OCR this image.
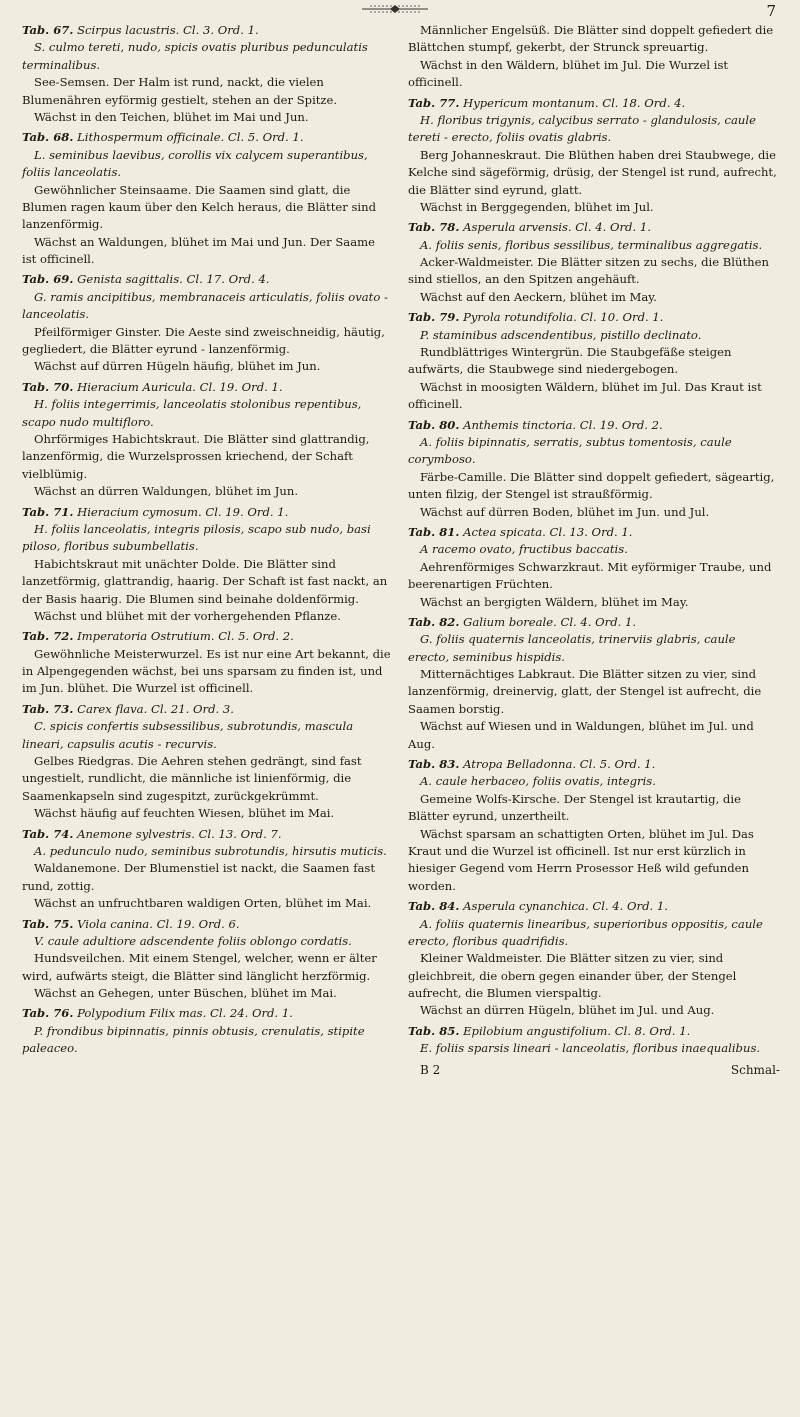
7

Tab. 67. Scirpus lacustris. Cl. 3. Ord. 1.

S. culmo tereti, nudo, spicis ovatis pluribus pedunculatis terminalibus.

See-Semsen. Der Halm ist rund, nackt, die vielen Blumenähren eyförmig gestielt, stehen an der Spitze.

Wächst in den Teichen, blühet im Mai und Jun.

Tab. 68. Lithospermum officinale. Cl. 5. Ord. 1.

L. seminibus laevibus, corollis vix calycem superantibus, foliis lanceolatis.

Gewöhnlicher Steinsaame. Die Saamen sind glatt, die Blumen ragen kaum über den Kelch heraus, die Blätter sind lanzenförmig.

Wächst an Waldungen, blühet im Mai und Jun. Der Saame ist officinell.

Tab. 69. Genista sagittalis. Cl. 17. Ord. 4.

G. ramis ancipitibus, membranaceis articulatis, foliis ovato - lanceolatis.

Pfeilförmiger Ginster. Die Aeste sind zweischneidig, häutig, gegliedert, die Blätter eyrund - lanzenförmig.

Wächst auf dürren Hügeln häufig, blühet im Jun.

Tab. 70. Hieracium Auricula. Cl. 19. Ord. 1.

H. foliis integerrimis, lanceolatis stolonibus repentibus, scapo nudo multifloro.

Ohrförmiges Habichtskraut. Die Blätter sind glattrandig, lanzenförmig, die Wurzelsprossen kriechend, der Schaft vielblümig.

Wächst an dürren Waldungen, blühet im Jun.

Tab. 71. Hieracium cymosum. Cl. 19. Ord. 1.

H. foliis lanceolatis, integris pilosis, scapo sub nudo, basi piloso, floribus subumbellatis.

Habichtskraut mit unächter Dolde. Die Blätter sind lanzetförmig, glattrandig, haarig. Der Schaft ist fast nackt, an der Basis haarig. Die Blumen sind beinahe doldenförmig.

Wächst und blühet mit der vorhergehenden Pflanze.

Tab. 72. Imperatoria Ostrutium. Cl. 5. Ord. 2.

Gewöhnliche Meisterwurzel. Es ist nur eine Art bekannt, die in Alpengegenden wächst, bei uns sparsam zu finden ist, und im Jun. blühet. Die Wurzel ist officinell.

Tab. 73. Carex flava. Cl. 21. Ord. 3.

C. spicis confertis subsessilibus, subrotundis, mascula lineari, capsulis acutis - recurvis.

Gelbes Riedgras. Die Aehren stehen gedrängt, sind fast ungestielt, rundlicht, die männliche ist linienförmig, die Saamenkapseln sind zugespitzt, zurückgekrümmt.

Wächst häufig auf feuchten Wiesen, blühet im Mai.

Tab. 74. Anemone sylvestris. Cl. 13. Ord. 7.

A. pedunculo nudo, seminibus subrotundis, hirsutis muticis.

Waldanemone. Der Blumenstiel ist nackt, die Saamen fast rund, zottig.

Wächst an unfruchtbaren waldigen Orten, blühet im Mai.

Tab. 75. Viola canina. Cl. 19. Ord. 6.

V. caule adultiore adscendente foliis oblongo cordatis.

Hundsveilchen. Mit einem Stengel, welcher, wenn er älter wird, aufwärts steigt, die Blätter sind länglicht herzförmig.

Wächst an Gehegen, unter Büschen, blühet im Mai.

Tab. 76. Polypodium Filix mas. Cl. 24. Ord. 1.

P. frondibus bipinnatis, pinnis obtusis, crenulatis, stipite paleaceo.

Männlicher Engelsüß. Die Blätter sind doppelt gefiedert die Blättchen stumpf, gekerbt, der Strunck spreuartig.

Wächst in den Wäldern, blühet im Jul. Die Wurzel ist officinell.

Tab. 77. Hypericum montanum. Cl. 18. Ord. 4.

H. floribus trigynis, calycibus serrato - glandulosis, caule tereti - erecto, foliis ovatis glabris.

Berg Johanneskraut. Die Blüthen haben drei Staubwege, die Kelche sind sägeförmig, drüsig, der Stengel ist rund, aufrecht, die Blätter sind eyrund, glatt.

Wächst in Berggegenden, blühet im Jul.

Tab. 78. Asperula arvensis. Cl. 4. Ord. 1.

A. foliis senis, floribus sessilibus, terminalibus aggregatis.

Acker-Waldmeister. Die Blätter sitzen zu sechs, die Blüthen sind stiellos, an den Spitzen angehäuft.

Wächst auf den Aeckern, blühet im May.

Tab. 79. Pyrola rotundifolia. Cl. 10. Ord. 1.

P. staminibus adscendentibus, pistillo declinato.

Rundblättriges Wintergrün. Die Staubgefäße steigen aufwärts, die Staubwege sind niedergebogen.

Wächst in moosigten Wäldern, blühet im Jul. Das Kraut ist officinell.

Tab. 80. Anthemis tinctoria. Cl. 19. Ord. 2.

A. foliis bipinnatis, serratis, subtus tomentosis, caule corymbosо.

Färbe-Camille. Die Blätter sind doppelt gefiedert, sägeartig, unten filzig, der Stengel ist straußförmig.

Wächst auf dürren Boden, blühet im Jun. und Jul.

Tab. 81. Actea spicata. Cl. 13. Ord. 1.

A racemo ovato, fructibus baccatis.

Aehrenförmiges Schwarzkraut. Mit eyförmiger Traube, und beerenartigen Früchten.

Wächst an bergigten Wäldern, blühet im May.

Tab. 82. Galium boreale. Cl. 4. Ord. 1.

G. foliis quaternis lanceolatis, trinerviis glabris, caule erecto, seminibus hispidis.

Mitternächtiges Labkraut. Die Blätter sitzen zu vier, sind lanzenförmig, dreinervig, glatt, der Stengel ist aufrecht, die Saamen borstig.

Wächst auf Wiesen und in Waldungen, blühet im Jul. und Aug.

Tab. 83. Atropa Belladonna. Cl. 5. Ord. 1.

A. caule herbaceo, foliis ovatis, integris.

Gemeine Wolfs-Kirsche. Der Stengel ist krautartig, die Blätter eyrund, unzertheilt.

Wächst sparsam an schattigten Orten, blühet im Jul. Das Kraut und die Wurzel ist officinell. Ist nur erst kürzlich in hiesiger Gegend vom Herrn Prosessor Heß wild gefunden worden.

Tab. 84. Asperula cynanchica. Cl. 4. Ord. 1.

A. foliis quaternis linearibus, superioribus oppositis, caule erecto, floribus quadrifidis.

Kleiner Waldmeister. Die Blätter sitzen zu vier, sind gleichbreit, die obern gegen einander über, der Stengel aufrecht, die Blumen vierspaltig.

Wächst an dürren Hügeln, blühet im Jul. und Aug.

Tab. 85. Epilobium angustifolium. Cl. 8. Ord. 1.

E. foliis sparsis lineari - lanceolatis, floribus inaequalibus.

B 2	Schmal-
